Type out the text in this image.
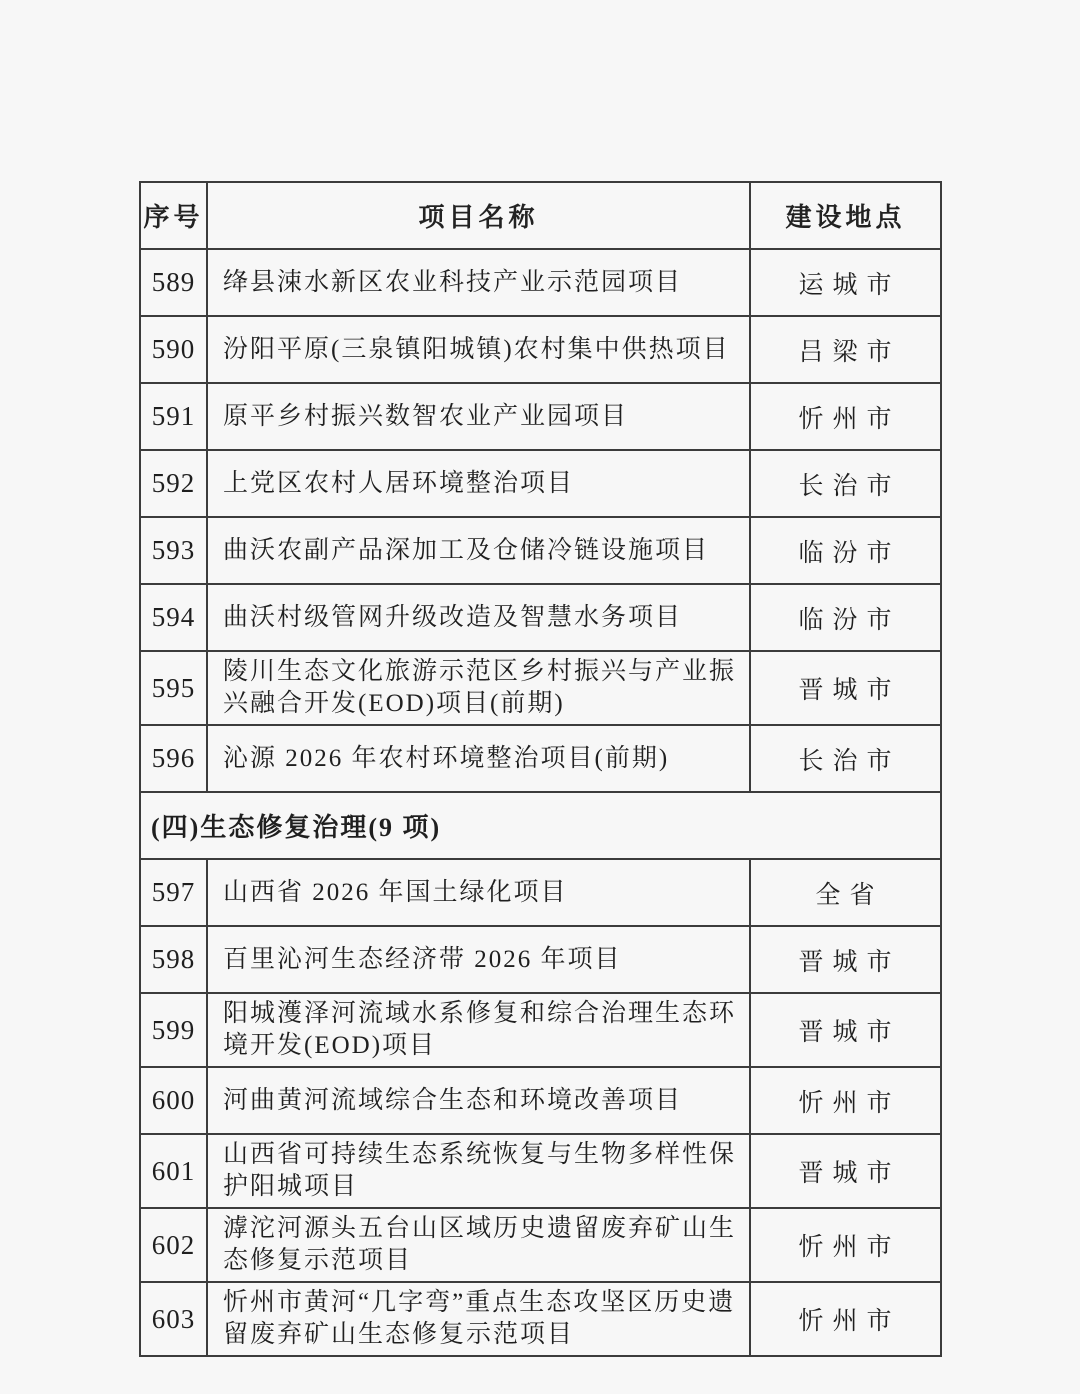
序号	项目名称	建设地点
589	绛县涑水新区农业科技产业示范园项目	运城市
590	汾阳平原(三泉镇阳城镇)农村集中供热项目	吕梁市
591	原平乡村振兴数智农业产业园项目	忻州市
592	上党区农村人居环境整治项目	长治市
593	曲沃农副产品深加工及仓储冷链设施项目	临汾市
594	曲沃村级管网升级改造及智慧水务项目	临汾市
595	陵川生态文化旅游示范区乡村振兴与产业振兴融合开发(EOD)项目(前期)	晋城市
596	沁源 2026 年农村环境整治项目(前期)	长治市
(四)生态修复治理(9 项)		
597	山西省 2026 年国土绿化项目	全省
598	百里沁河生态经济带 2026 年项目	晋城市
599	阳城濩泽河流域水系修复和综合治理生态环境开发(EOD)项目	晋城市
600	河曲黄河流域综合生态和环境改善项目	忻州市
601	山西省可持续生态系统恢复与生物多样性保护阳城项目	晋城市
602	滹沱河源头五台山区域历史遗留废弃矿山生态修复示范项目	忻州市
603	忻州市黄河“几字弯”重点生态攻坚区历史遗留废弃矿山生态修复示范项目	忻州市
